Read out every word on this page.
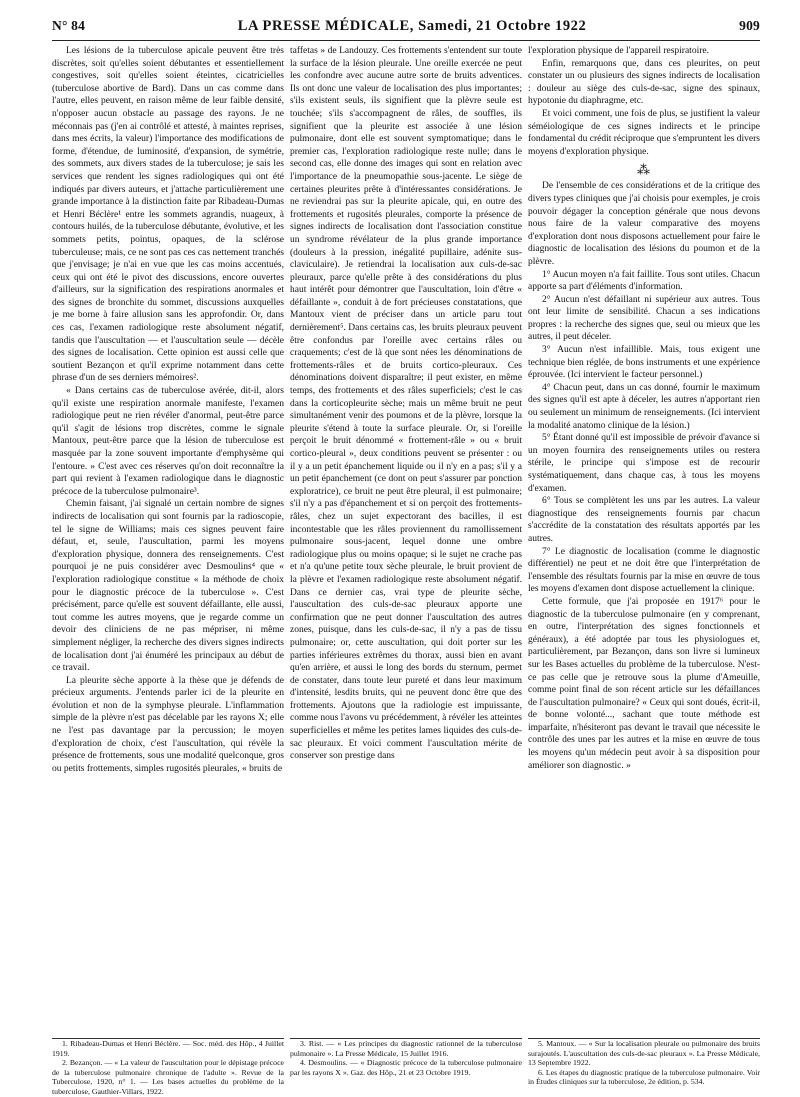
N° 84	LA PRESSE MÉDICALE, Samedi, 21 Octobre 1922	909

Les lésions de la tuberculose apicale peuvent être très discrètes, soit qu'elles soient débutantes et essentiellement congestives, soit qu'elles soient éteintes, cicatricielles (tuberculose abortive de Bard). Dans un cas comme dans l'autre, elles peuvent, en raison même de leur faible densité, n'opposer aucun obstacle au passage des rayons. Je ne méconnais pas (j'en ai contrôlé et attesté, à maintes reprises, dans mes écrits, la valeur) l'importance des modifications de forme, d'étendue, de luminosité, d'expansion, de symétrie, des sommets, aux divers stades de la tuberculose; je sais les services que rendent les signes radiologiques qui ont été indiqués par divers auteurs, et j'attache particulièrement une grande importance à la distinction faite par Ribadeau-Dumas et Henri Béclère¹ entre les sommets agrandis, nuageux, à contours huilés, de la tuberculose débutante, évolutive, et les sommets petits, pointus, opaques, de la sclérose tuberculeuse; mais, ce ne sont pas ces cas nettement tranchés que j'envisage; je n'ai en vue que les cas moins accentués, ceux qui ont été le pivot des discussions, encore ouvertes d'ailleurs, sur la signification des respirations anormales et des signes de bronchite du sommet, discussions auxquelles je me borne à faire allusion sans les approfondir. Or, dans ces cas, l'examen radiologique reste absolument négatif, tandis que l'auscultation — et l'auscultation seule — décèle des signes de localisation. Cette opinion est aussi celle que soutient Bezançon et qu'il exprime notamment dans cette phrase d'un de ses derniers mémoires².

« Dans certains cas de tuberculose avérée, dit-il, alors qu'il existe une respiration anormale manifeste, l'examen radiologique peut ne rien révéler d'anormal, peut-être parce qu'il s'agit de lésions trop discrètes, comme le signale Mantoux, peut-être parce que la lésion de tuberculose est masquée par la zone souvent importante d'emphysème qui l'entoure. » C'est avec ces réserves qu'on doit reconnaître la part qui revient à l'examen radiologique dans le diagnostic précoce de la tuberculose pulmonaire³.

Chemin faisant, j'ai signalé un certain nombre de signes indirects de localisation qui sont fournis par la radioscopie, tel le signe de Williams; mais ces signes peuvent faire défaut, et, seule, l'auscultation, parmi les moyens d'exploration physique, donnera des renseignements. C'est pourquoi je ne puis considérer avec Desmoulins⁴ que « l'exploration radiologique constitue « la méthode de choix pour le diagnostic précoce de la tuberculose ». C'est précisément, parce qu'elle est souvent défaillante, elle aussi, tout comme les autres moyens, que je regarde comme un devoir des cliniciens de ne pas mépriser, ni même simplement négliger, la recherche des divers signes indirects de localisation dont j'ai énuméré les principaux au début de ce travail.

La pleurite sèche apporte à la thèse que je défends de précieux arguments. J'entends parler ici de la pleurite en évolution et non de la symphyse pleurale. L'inflammation simple de la plèvre n'est pas décelable par les rayons X; elle ne l'est pas davantage par la percussion; le moyen d'exploration de choix, c'est l'auscultation, qui révèle la présence de frottements, sous une modalité quelconque, gros ou petits frottements, simples rugosités pleurales, « bruits de

taffetas » de Landouzy. Ces frottements s'entendent sur toute la surface de la lésion pleurale. Une oreille exercée ne peut les confondre avec aucune autre sorte de bruits adventices. Ils ont donc une valeur de localisation des plus importantes; s'ils existent seuls, ils signifient que la plèvre seule est touchée; s'ils s'accompagnent de râles, de souffles, ils signifient que la pleurite est associée à une lésion pulmonaire, dont elle est souvent symptomatique; dans le premier cas, l'exploration radiologique reste nulle; dans le second cas, elle donne des images qui sont en relation avec l'importance de la pneumopathie sous-jacente. Le siège de certaines pleurites prête à d'intéressantes considérations. Je ne reviendrai pas sur la pleurite apicale, qui, en outre des frottements et rugosités pleurales, comporte la présence de signes indirects de localisation dont l'association constitue un syndrome révélateur de la plus grande importance (douleurs à la pression, inégalité pupillaire, adénite sus-claviculaire). Je retiendrai la localisation aux culs-de-sac pleuraux, parce qu'elle prête à des considérations du plus haut intérêt pour démontrer que l'auscultation, loin d'être « défaillante », conduit à de fort précieuses constatations, que Mantoux vient de préciser dans un article paru tout dernièrement⁵. Dans certains cas, les bruits pleuraux peuvent être confondus par l'oreille avec certains râles ou craquements; c'est de là que sont nées les dénominations de frottements-râles et de bruits cortico-pleuraux. Ces dénominations doivent disparaître; il peut exister, en même temps, des frottements et des râles superficiels; c'est le cas dans la corticopleurite sèche; mais un même bruit ne peut simultanément venir des poumons et de la plèvre, lorsque la pleurite s'étend à toute la surface pleurale. Or, si l'oreille perçoit le bruit dénommé « frottement-râle » ou « bruit cortico-pleural », deux conditions peuvent se présenter : ou il y a un petit épanchement liquide ou il n'y en a pas; s'il y a un petit épanchement (ce dont on peut s'assurer par ponction exploratrice), ce bruit ne peut être pleural, il est pulmonaire; s'il n'y a pas d'épanchement et si on perçoit des frottements-râles, chez un sujet expectorant des bacilles, il est incontestable que les râles proviennent du ramollissement pulmonaire sous-jacent, lequel donne une ombre radiologique plus ou moins opaque; si le sujet ne crache pas et n'a qu'une petite toux sèche pleurale, le bruit provient de la plèvre et l'examen radiologique reste absolument négatif. Dans ce dernier cas, vrai type de pleurite sèche, l'auscultation des culs-de-sac pleuraux apporte une confirmation que ne peut donner l'auscultation des autres zones, puisque, dans les culs-de-sac, il n'y a pas de tissu pulmonaire; or, cette auscultation, qui doit porter sur les parties inférieures extrêmes du thorax, aussi bien en avant qu'en arrière, et aussi le long des bords du sternum, permet de constater, dans toute leur pureté et dans leur maximum d'intensité, lesdits bruits, qui ne peuvent donc être que des frottements. Ajoutons que la radiologie est impuissante, comme nous l'avons vu précédemment, à révéler les atteintes superficielles et même les petites lames liquides des culs-de-sac pleuraux. Et voici comment l'auscultation mérite de conserver son prestige dans

l'exploration physique de l'appareil respiratoire.

Enfin, remarquons que, dans ces pleurites, on peut constater un ou plusieurs des signes indirects de localisation : douleur au siège des culs-de-sac, signe des spinaux, hypotonie du diaphragme, etc.

Et voici comment, une fois de plus, se justifient la valeur séméiologique de ces signes indirects et le principe fondamental du crédit réciproque que s'empruntent les divers moyens d'exploration physique.

⁂

De l'ensemble de ces considérations et de la critique des divers types cliniques que j'ai choisis pour exemples, je crois pouvoir dégager la conception générale que nous devons nous faire de la valeur comparative des moyens d'exploration dont nous disposons actuellement pour faire le diagnostic de localisation des lésions du poumon et de la plèvre.

1° Aucun moyen n'a fait faillite. Tous sont utiles. Chacun apporte sa part d'éléments d'information.

2° Aucun n'est défaillant ni supérieur aux autres. Tous ont leur limite de sensibilité. Chacun a ses indications propres : la recherche des signes que, seul ou mieux que les autres, il peut déceler.

3° Aucun n'est infaillible. Mais, tous exigent une technique bien réglée, de bons instruments et une expérience éprouvée. (Ici intervient le facteur personnel.)

4° Chacun peut, dans un cas donné, fournir le maximum des signes qu'il est apte à déceler, les autres n'apportant rien ou seulement un minimum de renseignements. (Ici intervient la modalité anatomo clinique de la lésion.)

5° Étant donné qu'il est impossible de prévoir d'avance si un moyen fournira des renseignements utiles ou restera stérile, le principe qui s'impose est de recourir systématiquement, dans chaque cas, à tous les moyens d'examen.

6° Tous se complètent les uns par les autres. La valeur diagnostique des renseignements fournis par chacun s'accrédite de la constatation des résultats apportés par les autres.

7° Le diagnostic de localisation (comme le diagnostic différentiel) ne peut et ne doit être que l'interprétation de l'ensemble des résultats fournis par la mise en œuvre de tous les moyens d'examen dont dispose actuellement la clinique.

Cette formule, que j'ai proposée en 1917⁶ pour le diagnostic de la tuberculose pulmonaire (en y comprenant, en outre, l'interprétation des signes fonctionnels et généraux), a été adoptée par tous les physiologues et, particulièrement, par Bezançon, dans son livre si lumineux sur les Bases actuelles du problème de la tuberculose. N'est-ce pas celle que je retrouve sous la plume d'Ameuille, comme point final de son récent article sur les défaillances de l'auscultation pulmonaire? « Ceux qui sont doués, écrit-il, de bonne volonté..., sachant que toute méthode est imparfaite, n'hésiteront pas devant le travail que nécessite le contrôle des unes par les autres et la mise en œuvre de tous les moyens qu'un médecin peut avoir à sa disposition pour améliorer son diagnostic. »

1. Ribadeau-Dumas et Henri Béclère. — Soc. méd. des Hôp., 4 Juillet 1919.

2. Bezançon. — « La valeur de l'auscultation pour le dépistage précoce de la tuberculose pulmonaire chronique de l'adulte ». Revue de la Tuberculose, 1920, n° 1. — Les bases actuelles du problème de la tuberculose, Gauthier-Villars, 1922.

3. Rist. — « Les principes du diagnostic rationnel de la tuberculose pulmonaire ». La Presse Médicale, 15 Juillet 1916.

4. Desmoulins. — « Diagnostic précoce de la tuberculose pulmonaire par les rayons X ». Gaz. des Hôp., 21 et 23 Octobre 1919.

5. Mantoux. — « Sur la localisation pleurale ou pulmonaire des bruits surajoutés. L'auscultation des culs-de-sac pleuraux ». La Presse Médicale, 13 Septembre 1922.

6. Les étapes du diagnostic pratique de la tuberculose pulmonaire. Voir in Études cliniques sur la tuberculose, 2e édition, p. 534.
